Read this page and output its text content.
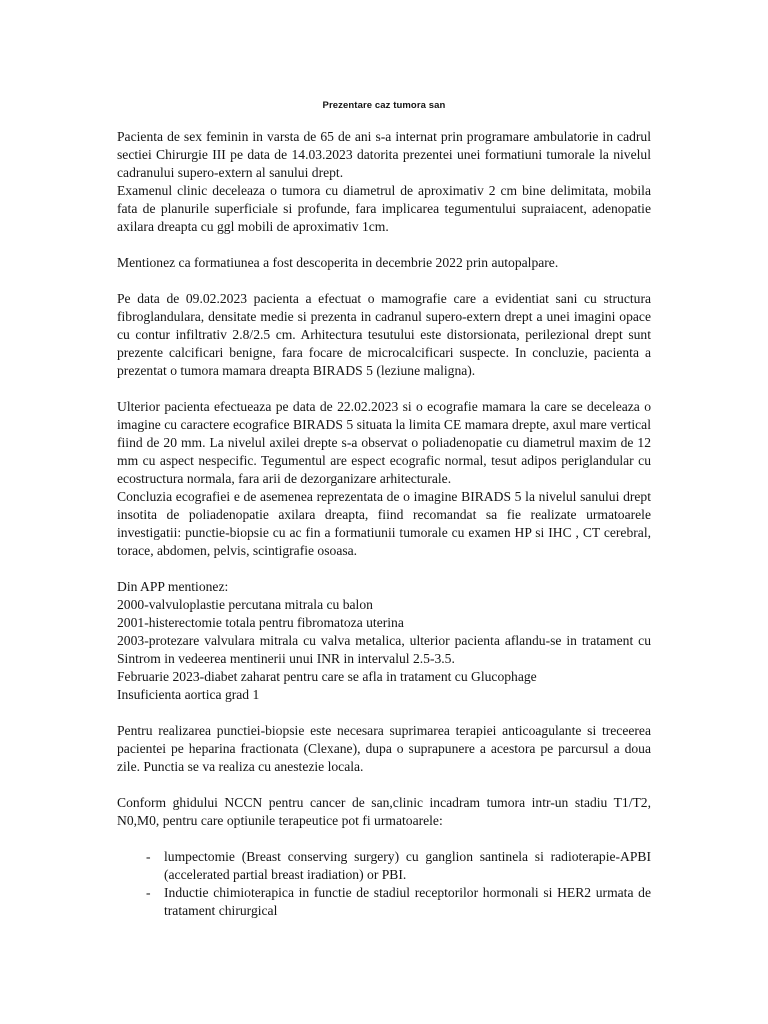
Prezentare caz tumora san

Pacienta de sex feminin in varsta de 65 de ani s-a internat prin programare ambulatorie in cadrul sectiei Chirurgie III pe data de 14.03.2023 datorita prezentei unei formatiuni tumorale la nivelul cadranului supero-extern al sanului drept.

Examenul clinic deceleaza o tumora cu diametrul de aproximativ 2 cm bine delimitata, mobila fata de planurile superficiale si profunde, fara implicarea tegumentului supraiacent, adenopatie axilara dreapta cu ggl mobili de aproximativ 1cm.

Mentionez ca formatiunea a fost descoperita in decembrie 2022 prin autopalpare.

Pe data de 09.02.2023 pacienta a efectuat o mamografie care a evidentiat sani cu structura fibroglandulara, densitate medie si prezenta in cadranul supero-extern drept a unei imagini opace cu contur infiltrativ 2.8/2.5 cm. Arhitectura tesutului este distorsionata, perilezional drept sunt prezente calcificari benigne, fara focare de microcalcificari suspecte. In concluzie, pacienta a prezentat o tumora mamara dreapta BIRADS 5 (leziune maligna).

Ulterior pacienta efectueaza pe data de 22.02.2023 si o ecografie mamara la care se deceleaza o imagine cu caractere ecografice BIRADS 5 situata la limita CE mamara drepte, axul mare vertical fiind de 20 mm. La nivelul axilei drepte s-a observat o poliadenopatie cu diametrul maxim de 12 mm cu aspect nespecific. Tegumentul are espect ecografic normal, tesut adipos periglandular cu ecostructura normala, fara arii de dezorganizare arhitecturale.

Concluzia ecografiei e de asemenea reprezentata de o imagine BIRADS 5 la nivelul sanului drept insotita de poliadenopatie axilara dreapta, fiind recomandat sa fie realizate urmatoarele investigatii: punctie-biopsie cu ac fin a formatiunii tumorale cu examen HP si IHC , CT cerebral, torace, abdomen, pelvis, scintigrafie osoasa.

Din APP mentionez:

2000-valvuloplastie percutana mitrala cu balon

2001-histerectomie totala pentru fibromatoza uterina

2003-protezare valvulara mitrala cu valva metalica, ulterior pacienta aflandu-se in tratament cu Sintrom in vedeerea mentinerii unui INR in intervalul 2.5-3.5.

Februarie 2023-diabet zaharat pentru care se afla in tratament cu Glucophage

Insuficienta aortica grad 1

Pentru realizarea punctiei-biopsie este necesara suprimarea terapiei anticoagulante si treceerea pacientei pe heparina fractionata (Clexane), dupa o suprapunere a acestora pe parcursul a doua zile. Punctia se va realiza cu anestezie locala.

Conform ghidului NCCN pentru cancer de san,clinic incadram tumora intr-un stadiu T1/T2, N0,M0, pentru care optiunile terapeutice pot fi urmatoarele:

- lumpectomie (Breast conserving surgery) cu ganglion santinela si radioterapie-APBI (accelerated partial breast iradiation) or PBI.
- Inductie chimioterapica in functie de stadiul receptorilor hormonali si HER2 urmata de tratament chirurgical
